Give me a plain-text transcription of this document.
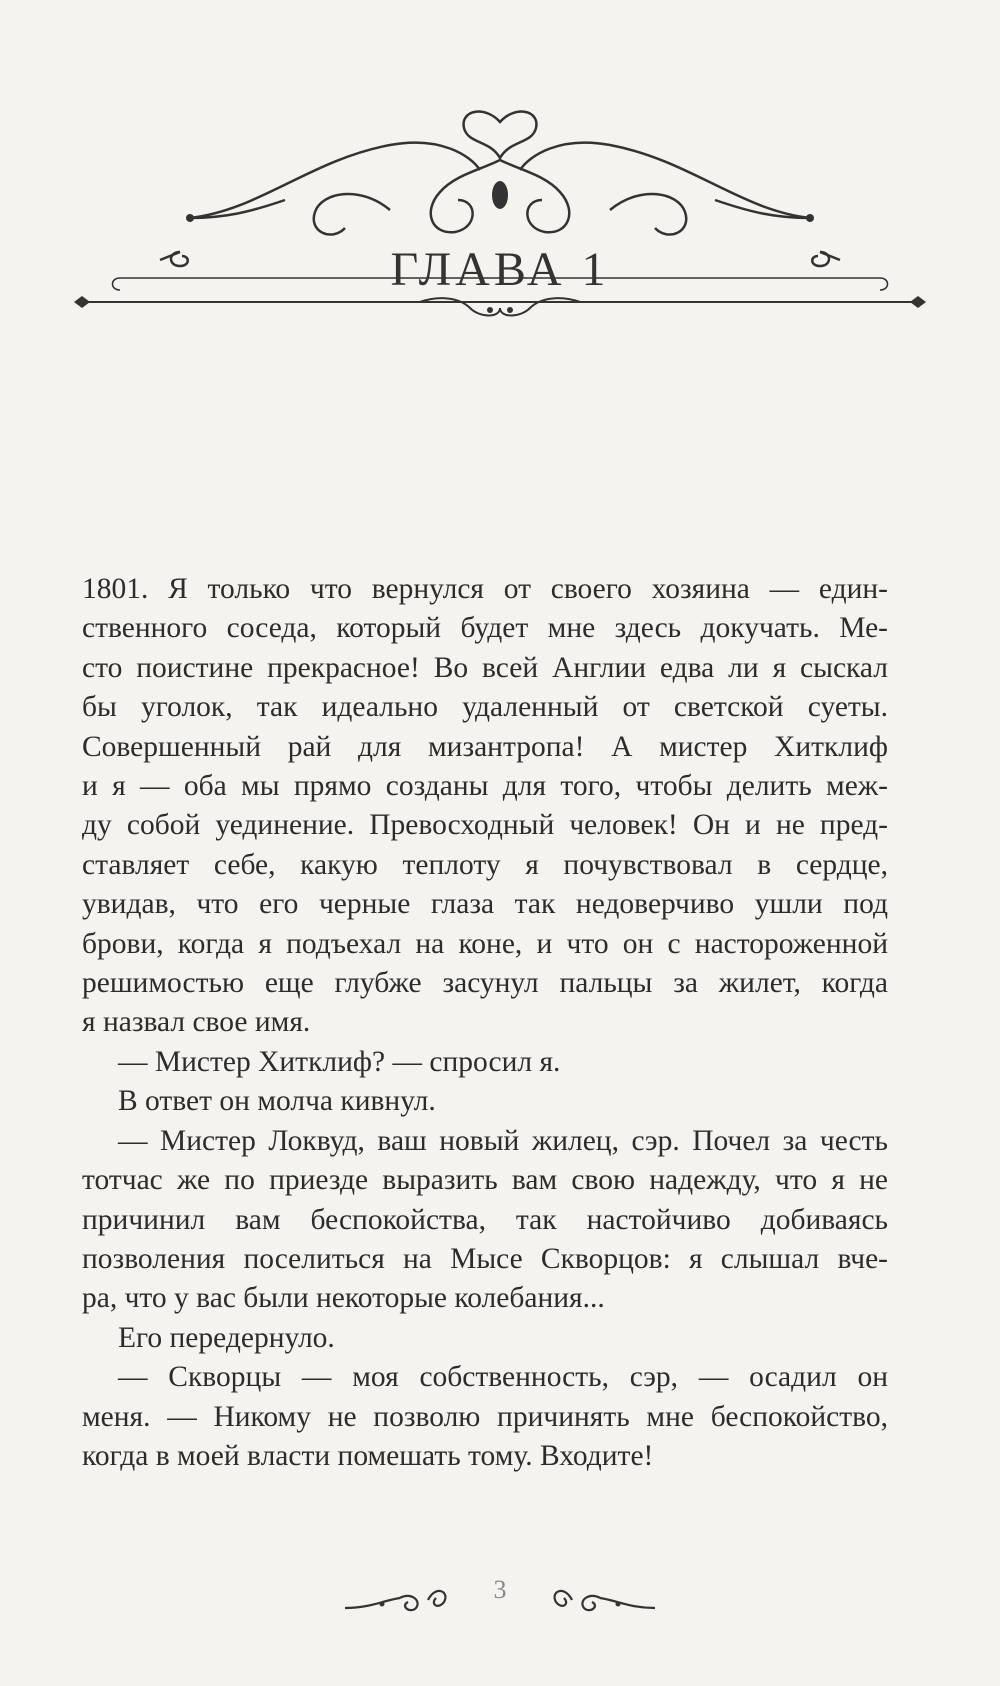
ГЛАВА 1
1801. Я только что вернулся от своего хозяина — един-
ственного соседа, который будет мне здесь докучать. Ме-
сто поистине прекрасное! Во всей Англии едва ли я сыскал
бы уголок, так идеально удаленный от светской суеты.
Совершенный рай для мизантропа! А мистер Хитклиф
и я — оба мы прямо созданы для того, чтобы делить меж-
ду собой уединение. Превосходный человек! Он и не пред-
ставляет себе, какую теплоту я почувствовал в сердце,
увидав, что его черные глаза так недоверчиво ушли под
брови, когда я подъехал на коне, и что он с настороженной
решимостью еще глубже засунул пальцы за жилет, когда
я назвал свое имя.
— Мистер Хитклиф? — спросил я.
В ответ он молча кивнул.
— Мистер Локвуд, ваш новый жилец, сэр. Почел за честь
тотчас же по приезде выразить вам свою надежду, что я не
причинил вам беспокойства, так настойчиво добиваясь
позволения поселиться на Мысе Скворцов: я слышал вче-
ра, что у вас были некоторые колебания...
Его передернуло.
— Скворцы — моя собственность, сэр, — осадил он
меня. — Никому не позволю причинять мне беспокойство,
когда в моей власти помешать тому. Входите!
3
